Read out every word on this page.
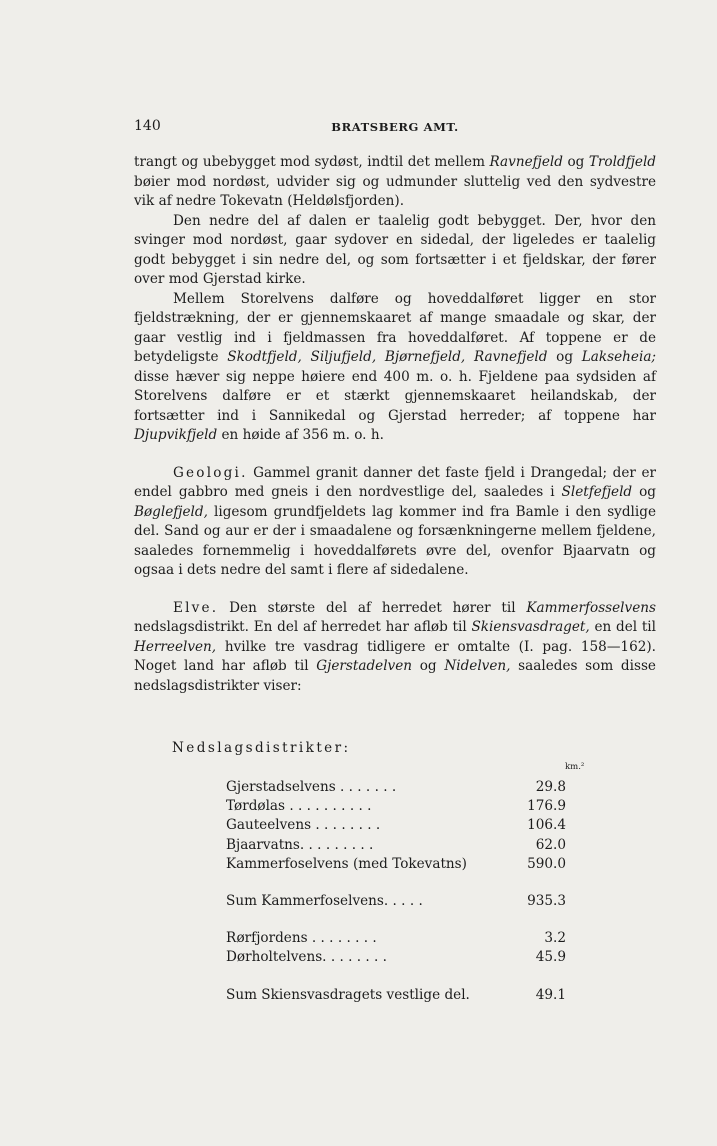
140	BRATSBERG AMT.

trangt og ubebygget mod sydøst, indtil det mellem Ravnefjeld og Troldfjeld bøier mod nordøst, udvider sig og udmunder sluttelig ved den sydvestre vik af nedre Tokevatn (Heldølsfjorden).

Den nedre del af dalen er taalelig godt bebygget. Der, hvor den svinger mod nordøst, gaar sydover en sidedal, der ligeledes er taalelig godt bebygget i sin nedre del, og som fortsætter i et fjeldskar, der fører over mod Gjerstad kirke.

Mellem Storelvens dalføre og hoveddalføret ligger en stor fjeldstrækning, der er gjennemskaaret af mange smaadale og skar, der gaar vestlig ind i fjeldmassen fra hoveddalføret. Af toppene er de betydeligste Skodtfjeld, Siljufjeld, Bjørnefjeld, Ravnefjeld og Lakseheia; disse hæver sig neppe høiere end 400 m. o. h. Fjeldene paa sydsiden af Storelvens dalføre er et stærkt gjennemskaaret heilandskab, der fortsætter ind i Sannikedal og Gjerstad herreder; af toppene har Djupvikfjeld en høide af 356 m. o. h.

Geologi. Gammel granit danner det faste fjeld i Drangedal; der er endel gabbro med gneis i den nordvestlige del, saaledes i Sletfefjeld og Bøglefjeld, ligesom grundfjeldets lag kommer ind fra Bamle i den sydlige del. Sand og aur er der i smaadalene og forsænkningerne mellem fjeldene, saaledes fornemmelig i hoveddalførets øvre del, ovenfor Bjaarvatn og ogsaa i dets nedre del samt i flere af sidedalene.

Elve. Den største del af herredet hører til Kammerfosselvens nedslagsdistrikt. En del af herredet har afløb til Skiensvasdraget, en del til Herreelven, hvilke tre vasdrag tidligere er omtalte (I. pag. 158—162). Noget land har afløb til Gjerstadelven og Nidelven, saaledes som disse nedslagsdistrikter viser:

Nedslagsdistrikter:
km.²
Gjerstadselvens . . . . . . .	29.8
Tørdølas . . . . . . . . . .	176.9
Gauteelvens . . . . . . . .	106.4
Bjaarvatns. . . . . . . . .	62.0
Kammerfoselvens (med Tokevatns)	590.0
Sum Kammerfoselvens. . . . .	935.3
Rørfjordens . . . . . . . .	3.2
Dørholtelvens. . . . . . . .	45.9
Sum Skiensvasdragets vestlige del.	49.1
